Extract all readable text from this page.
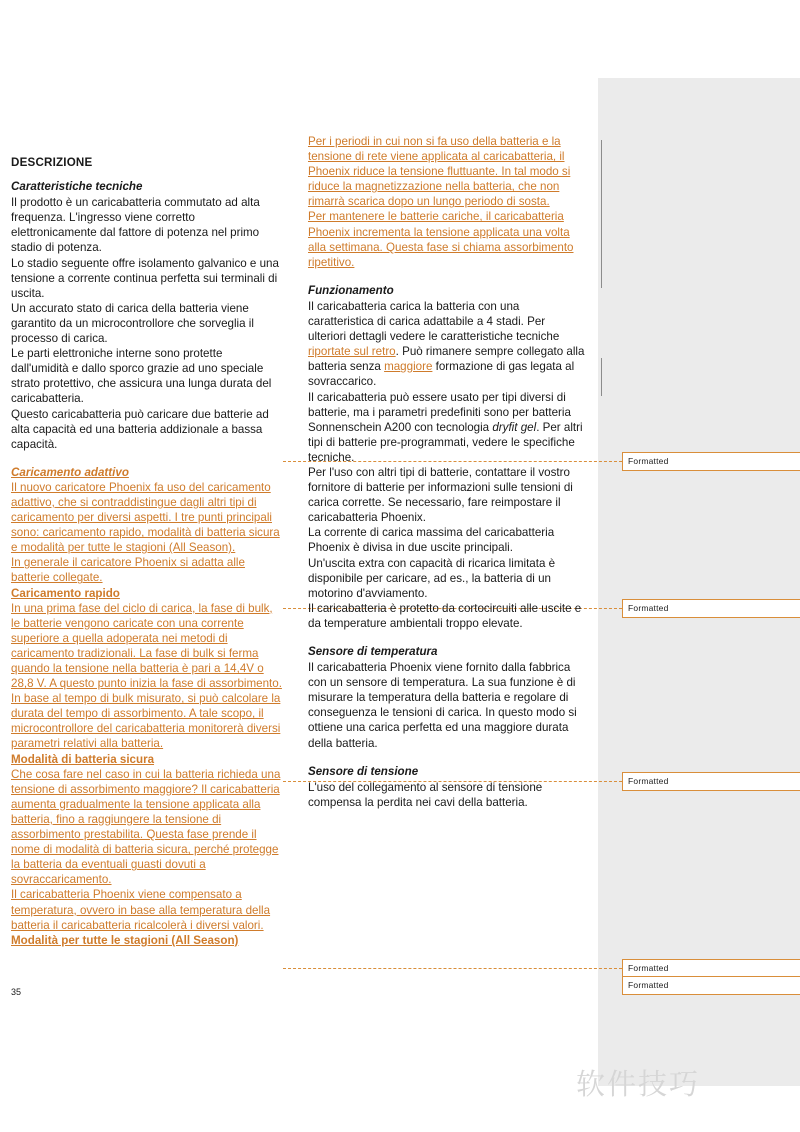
Formatted
Formatted
Formatted
Formatted
Formatted
DESCRIZIONE
Caratteristiche tecniche

Il prodotto è un caricabatteria commutato ad alta frequenza. L'ingresso viene corretto elettronicamente dal fattore di potenza nel primo stadio di potenza.

Lo stadio seguente offre isolamento galvanico e una tensione a corrente continua perfetta sui terminali di uscita.

Un accurato stato di carica della batteria viene garantito da un microcontrollore che sorveglia il processo di carica.

Le parti elettroniche interne sono protette dall'umidità e dallo sporco grazie ad uno speciale strato protettivo, che assicura una lunga durata del caricabatteria.

Questo caricabatteria può caricare due batterie ad alta capacità ed una batteria addizionale a bassa capacità.

Caricamento adattivo

Il nuovo caricatore Phoenix fa uso del caricamento adattivo, che si contraddistingue dagli altri tipi di caricamento per diversi aspetti. I tre punti principali sono: caricamento rapido, modalità di batteria sicura e modalità per tutte le stagioni (All Season).

In generale il caricatore Phoenix si adatta alle batterie collegate.

Caricamento rapido

In una prima fase del ciclo di carica, la fase di bulk, le batterie vengono caricate con una corrente superiore a quella adoperata nei metodi di caricamento tradizionali. La fase di bulk si ferma quando la tensione nella batteria è pari a 14,4V o 28,8 V. A questo punto inizia la fase di assorbimento.

In base al tempo di bulk misurato, si può calcolare la durata del tempo di assorbimento. A tale scopo, il microcontrollore del caricabatteria monitorerà diversi parametri relativi alla batteria.

Modalità di batteria sicura

Che cosa fare nel caso in cui la batteria richieda una tensione di assorbimento maggiore? Il caricabatteria aumenta gradualmente la tensione applicata alla batteria, fino a raggiungere la tensione di assorbimento prestabilita. Questa fase prende il nome di modalità di batteria sicura, perché protegge la batteria da eventuali guasti dovuti a sovraccaricamento.

Il caricabatteria Phoenix viene compensato a temperatura, ovvero in base alla temperatura della batteria il caricabatteria ricalcolerà i diversi valori.

Modalità per tutte le stagioni (All Season)

Per i periodi in cui non si fa uso della batteria e la tensione di rete viene applicata al caricabatteria, il Phoenix riduce la tensione fluttuante. In tal modo si riduce la magnetizzazione nella batteria, che non rimarrà scarica dopo un lungo periodo di sosta.

Per mantenere le batterie cariche, il caricabatteria Phoenix incrementa la tensione applicata una volta alla settimana. Questa fase si chiama assorbimento ripetitivo.

Funzionamento

Il caricabatteria carica la batteria con una caratteristica di carica adattabile a 4 stadi. Per ulteriori dettagli vedere le caratteristiche tecniche riportate sul retro. Può rimanere sempre collegato alla batteria senza maggiore formazione di gas legata al sovraccarico.

Il caricabatteria può essere usato per tipi diversi di batterie, ma i parametri predefiniti sono per batteria Sonnenschein A200 con tecnologia dryfit gel. Per altri tipi di batterie pre-programmati, vedere le specifiche tecniche.

Per l'uso con altri tipi di batterie, contattare il vostro fornitore di batterie per informazioni sulle tensioni di carica corrette. Se necessario, fare reimpostare il caricabatteria Phoenix.

La corrente di carica massima del caricabatteria Phoenix è divisa in due uscite principali.

Un'uscita extra con capacità di ricarica limitata è disponibile per caricare, ad es., la batteria di un motorino d'avviamento.

Il caricabatteria è protetto da cortocircuiti alle uscite e da temperature ambientali troppo elevate.

Sensore di temperatura

Il caricabatteria Phoenix viene fornito dalla fabbrica con un sensore di temperatura. La sua funzione è di misurare la temperatura della batteria e regolare di conseguenza le tensioni di carica. In questo modo si ottiene una carica perfetta ed una maggiore durata della batteria.

Sensore di tensione

L'uso del collegamento al sensore di tensione compensa la perdita nei cavi della batteria.

35
软件技巧
